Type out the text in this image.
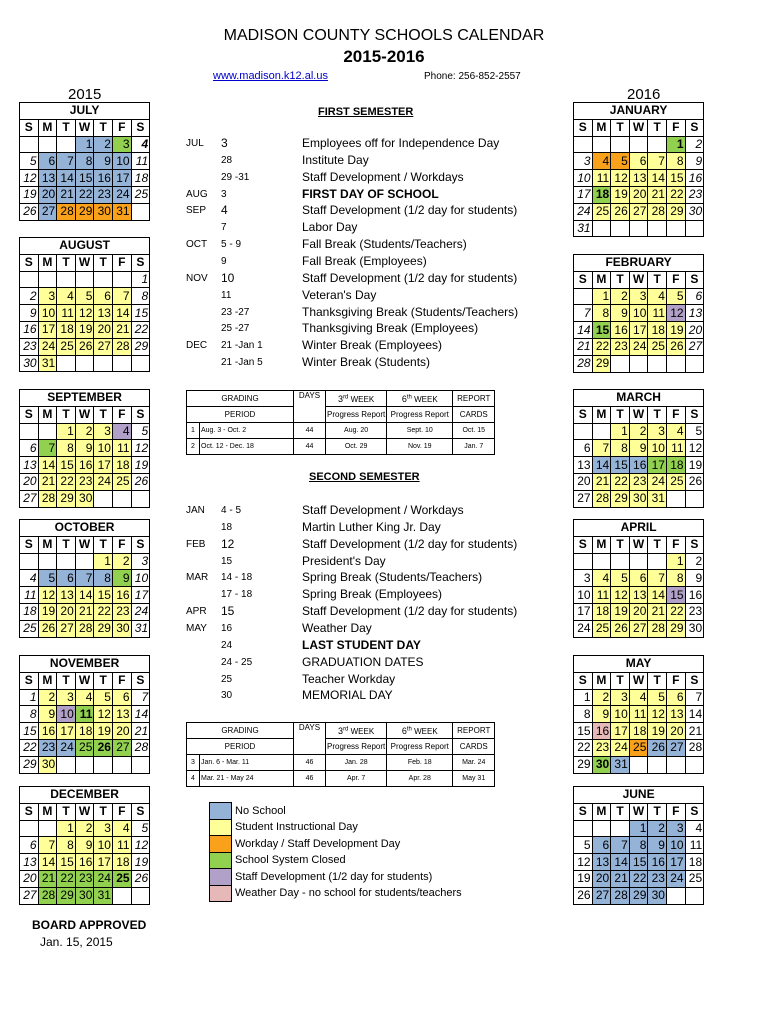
MADISON COUNTY SCHOOLS CALENDAR
2015-2016
www.madison.k12.al.us	Phone: 256-852-2557
2015	2016
JULY						
S	M	T	W	T	F	S
			1	2	3	4
5	6	7	8	9	10	11
12	13	14	15	16	17	18
19	20	21	22	23	24	25
26	27	28	29	30	31	
AUGUST						
S	M	T	W	T	F	S
						1
2	3	4	5	6	7	8
9	10	11	12	13	14	15
16	17	18	19	20	21	22
23	24	25	26	27	28	29
30	31					
SEPTEMBER						
S	M	T	W	T	F	S
		1	2	3	4	5
6	7	8	9	10	11	12
13	14	15	16	17	18	19
20	21	22	23	24	25	26
27	28	29	30			
OCTOBER						
S	M	T	W	T	F	S
				1	2	3
4	5	6	7	8	9	10
11	12	13	14	15	16	17
18	19	20	21	22	23	24
25	26	27	28	29	30	31
NOVEMBER						
S	M	T	W	T	F	S
1	2	3	4	5	6	7
8	9	10	11	12	13	14
15	16	17	18	19	20	21
22	23	24	25	26	27	28
29	30					
DECEMBER						
S	M	T	W	T	F	S
		1	2	3	4	5
6	7	8	9	10	11	12
13	14	15	16	17	18	19
20	21	22	23	24	25	26
27	28	29	30	31		
JANUARY						
S	M	T	W	T	F	S
					1	2
3	4	5	6	7	8	9
10	11	12	13	14	15	16
17	18	19	20	21	22	23
24	25	26	27	28	29	30
31						
FEBRUARY						
S	M	T	W	T	F	S
	1	2	3	4	5	6
7	8	9	10	11	12	13
14	15	16	17	18	19	20
21	22	23	24	25	26	27
28	29					
MARCH						
S	M	T	W	T	F	S
		1	2	3	4	5
6	7	8	9	10	11	12
13	14	15	16	17	18	19
20	21	22	23	24	25	26
27	28	29	30	31		
APRIL						
S	M	T	W	T	F	S
					1	2
3	4	5	6	7	8	9
10	11	12	13	14	15	16
17	18	19	20	21	22	23
24	25	26	27	28	29	30
MAY						
S	M	T	W	T	F	S
1	2	3	4	5	6	7
8	9	10	11	12	13	14
15	16	17	18	19	20	21
22	23	24	25	26	27	28
29	30	31				
JUNE						
S	M	T	W	T	F	S
			1	2	3	4
5	6	7	8	9	10	11
12	13	14	15	16	17	18
19	20	21	22	23	24	25
26	27	28	29	30		
FIRST SEMESTER
JUL 3	Employees off for Independence Day
28	Institute Day
29 -31	Staff Development / Workdays
AUG 3	FIRST DAY OF SCHOOL
SEP 4	Staff Development (1/2 day for students)
7	Labor Day
OCT 5 - 9	Fall Break (Students/Teachers)
9	Fall Break (Employees)
NOV 10	Staff Development (1/2 day for students)
11	Veteran's Day
23 -27	Thanksgiving Break (Students/Teachers)
25 -27	Thanksgiving Break (Employees)
DEC 21 -Jan 1	Winter Break (Employees)
21 -Jan 5	Winter Break (Students)
GRADING		DAYS	3rd WEEK	6th WEEK	REPORT
PERIOD			Progress Report	Progress Report	CARDS
1	Aug. 3 - Oct. 2	44	Aug. 20	Sept. 10	Oct. 15
2	Oct. 12 - Dec. 18	44	Oct. 29	Nov. 19	Jan. 7
SECOND SEMESTER
JAN 4 - 5	Staff Development / Workdays
18	Martin Luther King Jr. Day
FEB 12	Staff Development (1/2 day for students)
15	President's Day
MAR 14 - 18	Spring Break (Students/Teachers)
17 - 18	Spring Break (Employees)
APR 15	Staff Development (1/2 day for students)
MAY 16	Weather Day
24	LAST STUDENT DAY
24 - 25	GRADUATION DATES
25	Teacher Workday
30	MEMORIAL DAY
GRADING		DAYS	3rd WEEK	6th WEEK	REPORT
PERIOD			Progress Report	Progress Report	CARDS
3	Jan. 6 - Mar. 11	46	Jan. 28	Feb. 18	Mar. 24
4	Mar. 21 - May 24	46	Apr. 7	Apr. 28	May 31
	No School
	Student Instructional Day
	Workday / Staff Development Day
	School System Closed
	Staff Development (1/2 day for students)
	Weather Day - no school for students/teachers
BOARD APPROVED
Jan. 15, 2015
